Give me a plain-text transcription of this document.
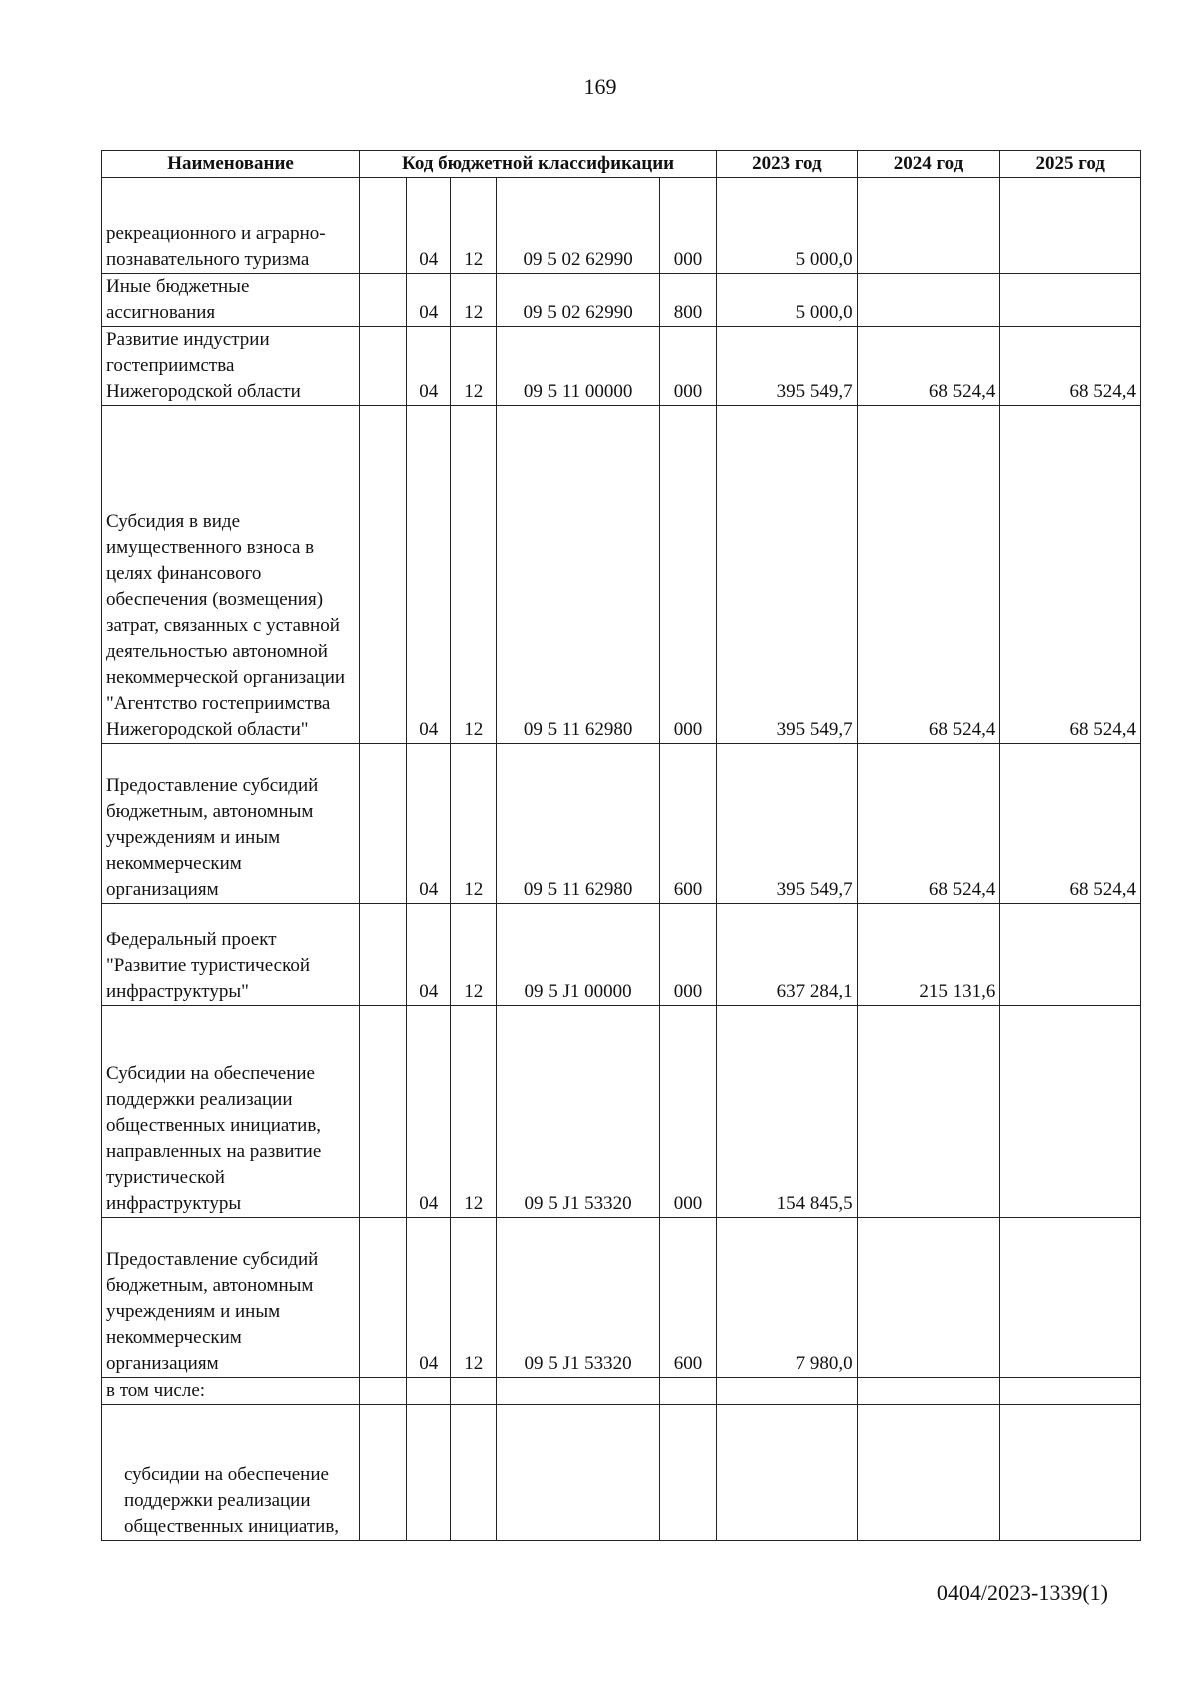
169
Наименование	Код бюджетной классификации					2023 год	2024 год	2025 год
рекреационного и аграрно-познавательного туризма		04	12	09 5 02 62990	000	5 000,0		
Иные бюджетные ассигнования		04	12	09 5 02 62990	800	5 000,0		
Развитие индустрии гостеприимства Нижегородской области		04	12	09 5 11 00000	000	395 549,7	68 524,4	68 524,4
Субсидия в виде имущественного взноса в целях финансового обеспечения (возмещения) затрат, связанных с уставной деятельностью автономной некоммерческой организации "Агентство гостеприимства Нижегородской области"		04	12	09 5 11 62980	000	395 549,7	68 524,4	68 524,4
Предоставление субсидий бюджетным, автономным учреждениям и иным некоммерческим организациям		04	12	09 5 11 62980	600	395 549,7	68 524,4	68 524,4
Федеральный проект "Развитие туристической инфраструктуры"		04	12	09 5 J1 00000	000	637 284,1	215 131,6	
Субсидии на обеспечение поддержки реализации общественных инициатив, направленных на развитие туристической инфраструктуры		04	12	09 5 J1 53320	000	154 845,5		
Предоставление субсидий бюджетным, автономным учреждениям и иным некоммерческим организациям		04	12	09 5 J1 53320	600	7 980,0		
в том числе:								
субсидии на обеспечение поддержки реализации общественных инициатив,								
0404/2023-1339(1)
